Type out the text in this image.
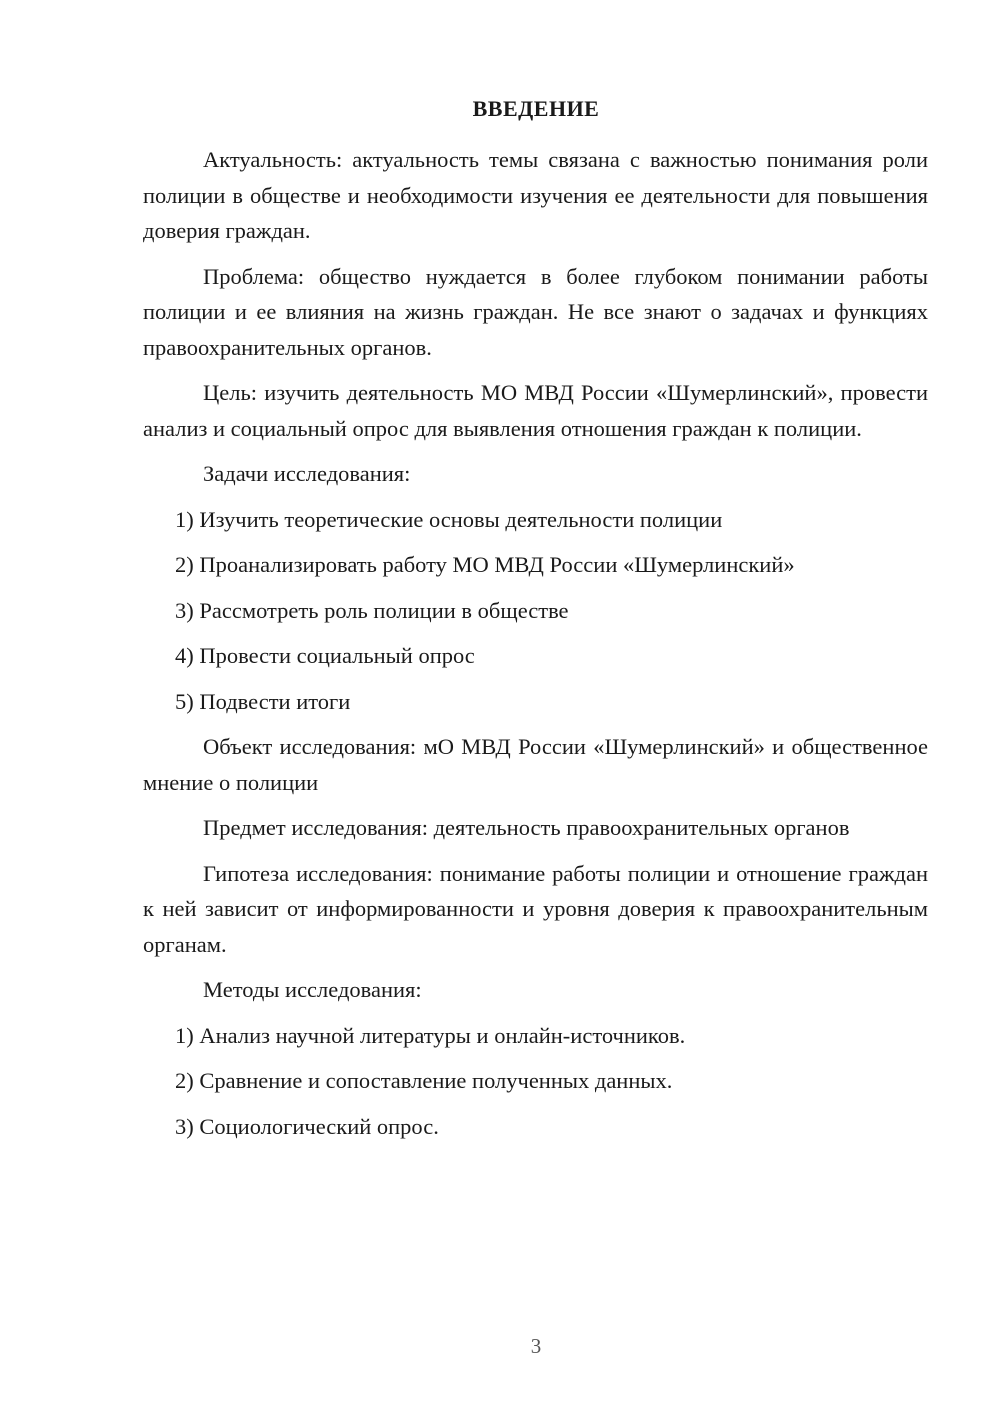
ВВЕДЕНИЕ

Актуальность: актуальность темы связана с важностью понимания роли полиции в обществе и необходимости изучения ее деятельности для повышения доверия граждан.

Проблема: общество нуждается в более глубоком понимании работы полиции и ее влияния на жизнь граждан. Не все знают о задачах и функциях правоохранительных органов.

Цель: изучить деятельность МО МВД России «Шумерлинский», провести анализ и социальный опрос для выявления отношения граждан к полиции.

Задачи исследования:

1) Изучить теоретические основы деятельности полиции

2) Проанализировать работу МО МВД России «Шумерлинский»

3) Рассмотреть роль полиции в обществе

4) Провести социальный опрос

5) Подвести итоги

Объект исследования: мО МВД России «Шумерлинский» и общественное мнение о полиции

Предмет исследования: деятельность правоохранительных органов

Гипотеза исследования: понимание работы полиции и отношение граждан к ней зависит от информированности и уровня доверия к правоохранительным органам.

Методы исследования:

1) Анализ научной литературы и онлайн-источников.

2) Сравнение и сопоставление полученных данных.

3) Социологический опрос.

3
